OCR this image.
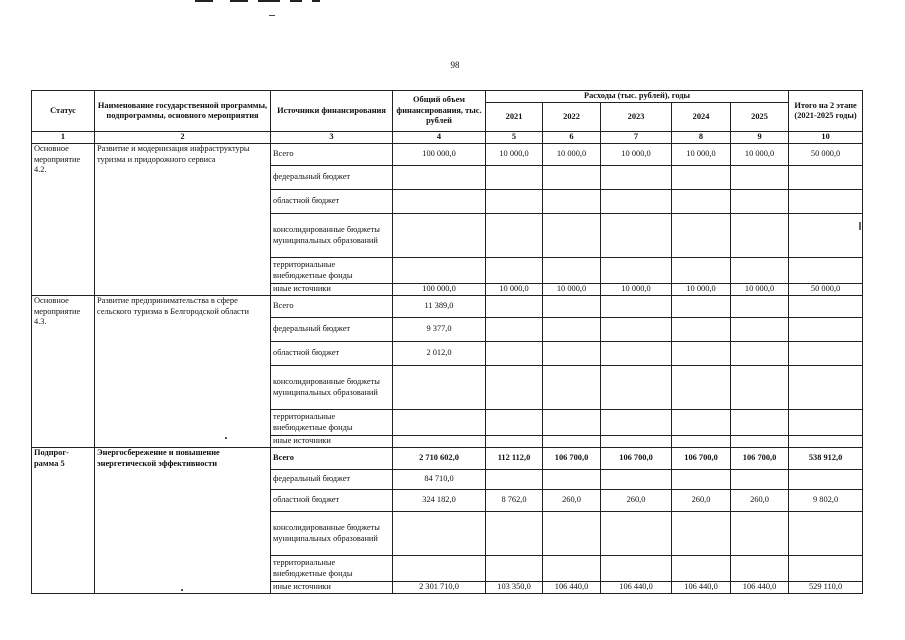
98
Статус	Наименование государственной программы, подпрограммы, основного мероприятия	Источники финансирования	Общий объем финансирования, тыс. рублей	Расходы (тыс. рублей), годы					Итого на 2 этапе (2021-2025 годы)
				2021	2022	2023	2024	2025	
1	2	3	4	5	6	7	8	9	10
Основное мероприятие 4.2.	Развитие и модернизация инфраструктуры туризма и придорожного сервиса	Всего	100 000,0	10 000,0	10 000,0	10 000,0	10 000,0	10 000,0	50 000,0
		федеральный бюджет							
		областной бюджет							
		консолидированные бюджеты муниципальных образований							
		территориальные внебюджетные фонды							
		иные источники	100 000,0	10 000,0	10 000,0	10 000,0	10 000,0	10 000,0	50 000,0
Основное мероприятие 4.3.	Развитие предпринимательства в сфере сельского туризма в Белгородской области	Всего	11 389,0						
		федеральный бюджет	9 377,0						
		областной бюджет	2 012,0						
		консолидированные бюджеты муниципальных образований							
		территориальные внебюджетные фонды							
		иные источники							
Подпрог-рамма 5	Энергосбережение и повышение энергетической эффективности	Всего	2 710 602,0	112 112,0	106 700,0	106 700,0	106 700,0	106 700,0	538 912,0
		федеральный бюджет	84 710,0						
		областной бюджет	324 182,0	8 762,0	260,0	260,0	260,0	260,0	9 802,0
		консолидированные бюджеты муниципальных образований							
		территориальные внебюджетные фонды							
		иные источники	2 301 710,0	103 350,0	106 440,0	106 440,0	106 440,0	106 440,0	529 110,0
